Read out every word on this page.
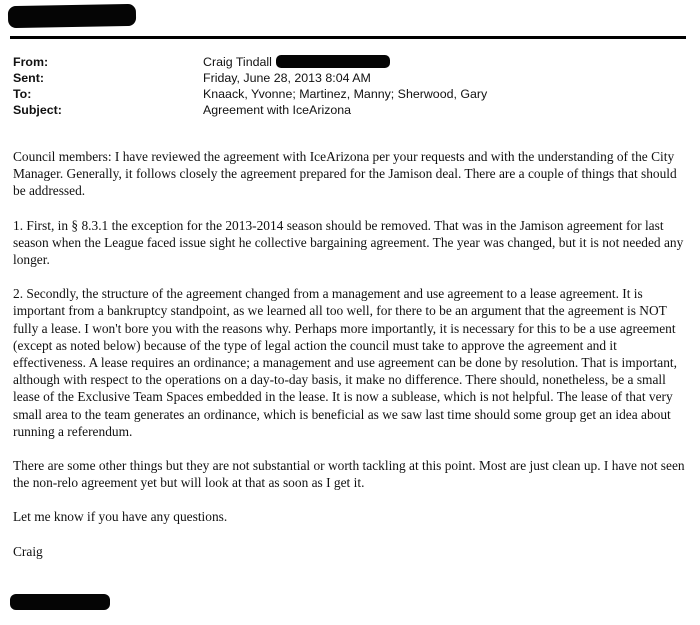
From:	Craig Tindall
Sent:	Friday, June 28, 2013 8:04 AM
To:	Knaack, Yvonne; Martinez, Manny; Sherwood, Gary
Subject:	Agreement with IceArizona

Council members: I have reviewed the agreement with IceArizona per your requests and with the understanding of the City Manager. Generally, it follows closely the agreement prepared for the Jamison deal. There are a couple of things that should be addressed.

1. First, in § 8.3.1 the exception for the 2013-2014 season should be removed. That was in the Jamison agreement for last season when the League faced issue sight he collective bargaining agreement. The year was changed, but it is not needed any longer.

2. Secondly, the structure of the agreement changed from a management and use agreement to a lease agreement. It is important from a bankruptcy standpoint, as we learned all too well, for there to be an argument that the agreement is NOT fully a lease. I won't bore you with the reasons why. Perhaps more importantly, it is necessary for this to be a use agreement (except as noted below) because of the type of legal action the council must take to approve the agreement and it effectiveness. A lease requires an ordinance; a management and use agreement can be done by resolution. That is important, although with respect to the operations on a day-to-day basis, it make no difference. There should, nonetheless, be a small lease of the Exclusive Team Spaces embedded in the lease. It is now a sublease, which is not helpful. The lease of that very small area to the team generates an ordinance, which is beneficial as we saw last time should some group get an idea about running a referendum.

There are some other things but they are not substantial or worth tackling at this point. Most are just clean up. I have not seen the non-relo agreement yet but will look at that as soon as I get it.

Let me know if you have any questions.

Craig
